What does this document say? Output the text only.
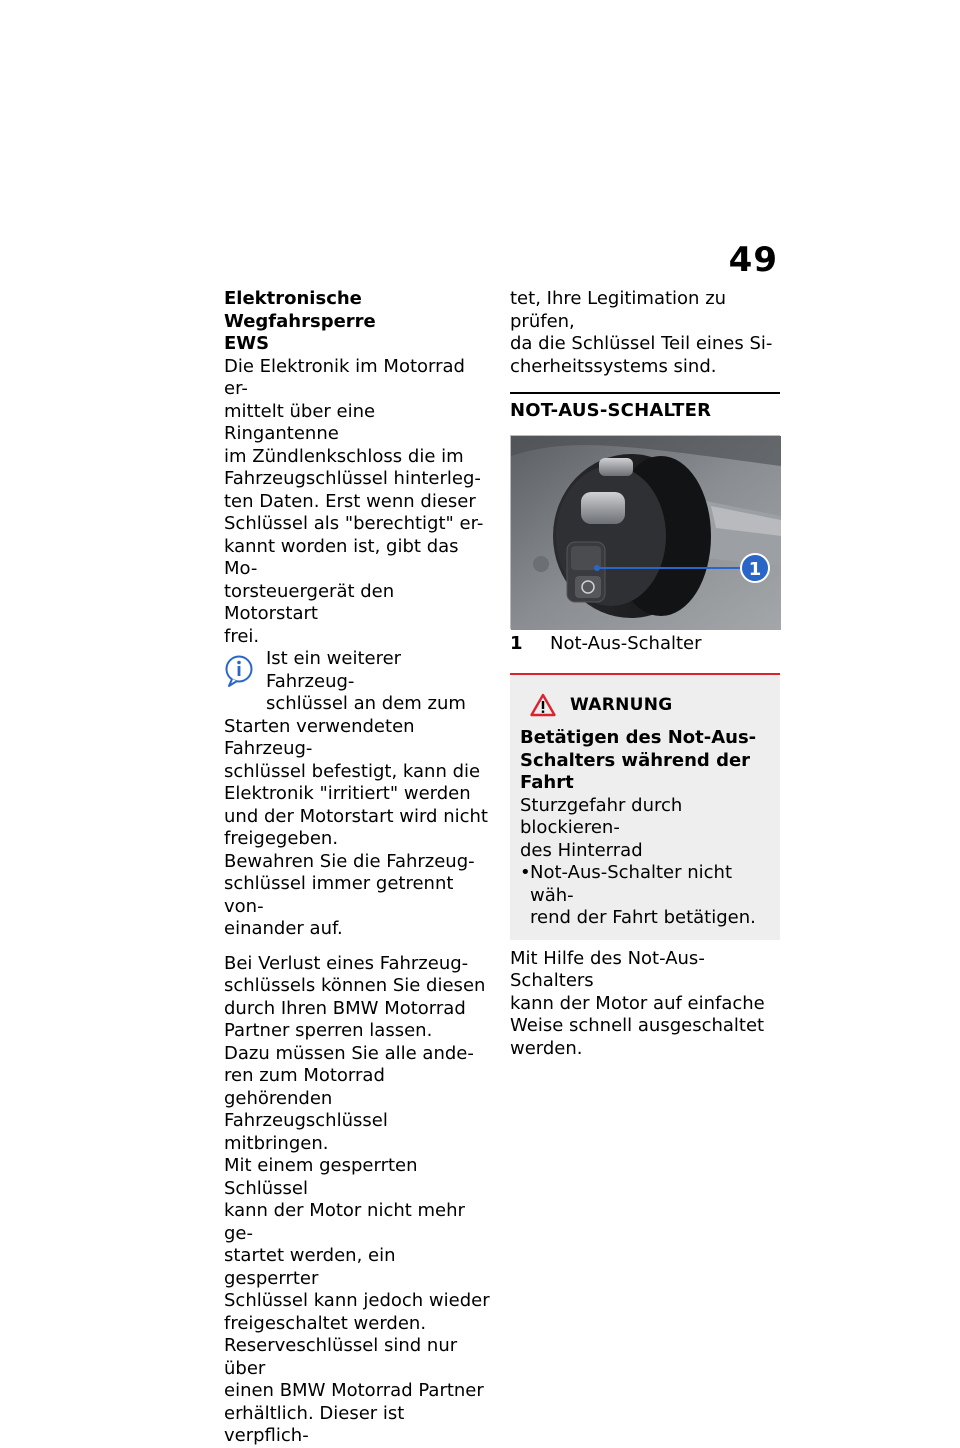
49
Elektronische Wegfahrsperre
EWS

Die Elektronik im Motorrad er-
mittelt über eine Ringantenne
im Zündlenkschloss die im
Fahrzeugschlüssel hinterleg-
ten Daten. Erst wenn dieser
Schlüssel als "berechtigt" er-
kannt worden ist, gibt das Mo-
torsteuergerät den Motorstart
frei.

Ist ein weiterer Fahrzeug-
schlüssel an dem zum
Starten verwendeten Fahrzeug-
schlüssel befestigt, kann die
Elektronik "irritiert" werden
und der Motorstart wird nicht
freigegeben.
Bewahren Sie die Fahrzeug-
schlüssel immer getrennt von-
einander auf.

Bei Verlust eines Fahrzeug-
schlüssels können Sie diesen
durch Ihren BMW Motorrad
Partner sperren lassen.
Dazu müssen Sie alle ande-
ren zum Motorrad gehörenden
Fahrzeugschlüssel mitbringen.
Mit einem gesperrten Schlüssel
kann der Motor nicht mehr ge-
startet werden, ein gesperrter
Schlüssel kann jedoch wieder
freigeschaltet werden.
Reserveschlüssel sind nur über
einen BMW Motorrad Partner
erhältlich. Dieser ist verpflich-

tet, Ihre Legitimation zu prüfen,
da die Schlüssel Teil eines Si-
cherheitssystems sind.

NOT-AUS-SCHALTER
1
1	Not-Aus-Schalter
WARNUNG
Betätigen des Not-Aus-
Schalters während der Fahrt
Sturzgefahr durch blockieren-
des Hinterrad
• Not-Aus-Schalter nicht wäh-
rend der Fahrt betätigen.

Mit Hilfe des Not-Aus-Schalters
kann der Motor auf einfache
Weise schnell ausgeschaltet
werden.
